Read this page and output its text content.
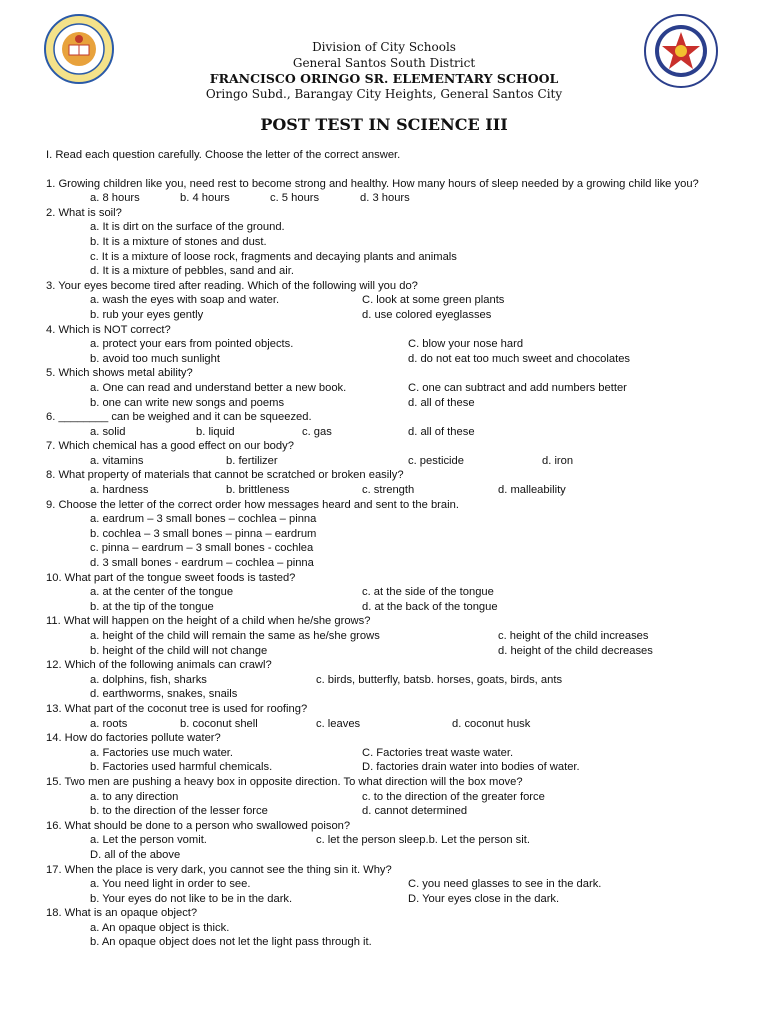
Division of City Schools
General Santos South District
FRANCISCO ORINGO SR. ELEMENTARY SCHOOL
Oringo Subd., Barangay City Heights, General Santos City
POST TEST IN SCIENCE III
I. Read each question carefully. Choose the letter of the correct answer.
1. Growing children like you, need rest to become strong and healthy. How many hours of sleep needed by a growing child like you?
a. 8 hours	b. 4 hours	c. 5 hours	d. 3 hours
2. What is soil?
a. It is dirt on the surface of the ground.
b. It is a mixture of stones and dust.
c. It is a mixture of loose rock, fragments and decaying plants and animals
d. It is a mixture of pebbles, sand and air.
3. Your eyes become tired after reading. Which of the following will you do?
a. wash the eyes with soap and water.	C. look at some green plants
b. rub your eyes gently	d. use colored eyeglasses
4. Which is NOT correct?
a. protect your ears from pointed objects.	C. blow your nose hard
b. avoid too much sunlight	d. do not eat too much sweet and chocolates
5. Which shows metal ability?
a. One can read and understand better a new book.	C. one can subtract and add numbers better
b. one can write new songs and poems	d. all of these
6. ________ can be weighed and it can be squeezed.
a. solid	b. liquid	c. gas	d. all of these
7. Which chemical has a good effect on our body?
a. vitamins	b. fertilizer	c. pesticide	d. iron
8. What property of materials that cannot be scratched or broken easily?
a. hardness	b. brittleness	c. strength	d. malleability
9. Choose the letter of the correct order how messages heard and sent to the brain.
a. eardrum – 3 small bones – cochlea – pinna
b. cochlea – 3 small bones – pinna – eardrum
c. pinna – eardrum – 3 small bones - cochlea
d. 3 small bones - eardrum – cochlea – pinna
10. What part of the tongue sweet foods is tasted?
a. at the center of the tongue	c. at the side of the tongue
b. at the tip of the tongue	d. at the back of the tongue
11. What will happen on the height of a child when he/she grows?
a. height of the child will remain the same as he/she grows	c. height of the child increases
b. height of the child will not change	d. height of the child decreases
12. Which of the following animals can crawl?
a. dolphins, fish, sharks	c. birds, butterfly, bats b. horses, goats, birds, ants
d. earthworms, snakes, snails
13. What part of the coconut tree is used for roofing?
a. roots	b. coconut shell	c. leaves	d. coconut husk
14. How do factories pollute water?
a. Factories use much water.	C. Factories treat waste water.
b. Factories used harmful chemicals.	D. factories drain water into bodies of water.
15. Two men are pushing a heavy box in opposite direction. To what direction will the box move?
a. to any direction	c. to the direction of the greater force
b. to the direction of the lesser force	d. cannot determined
16. What should be done to a person who swallowed poison?
a. Let the person vomit.	c. let the person sleep. b. Let the person sit.
D. all of the above
17. When the place is very dark, you cannot see the thing sin it. Why?
a. You need light in order to see.	C. you need glasses to see in the dark.
b. Your eyes do not like to be in the dark.	D. Your eyes close in the dark.
18. What is an opaque object?
a. An opaque object is thick.
b. An opaque object does not let the light pass through it.
